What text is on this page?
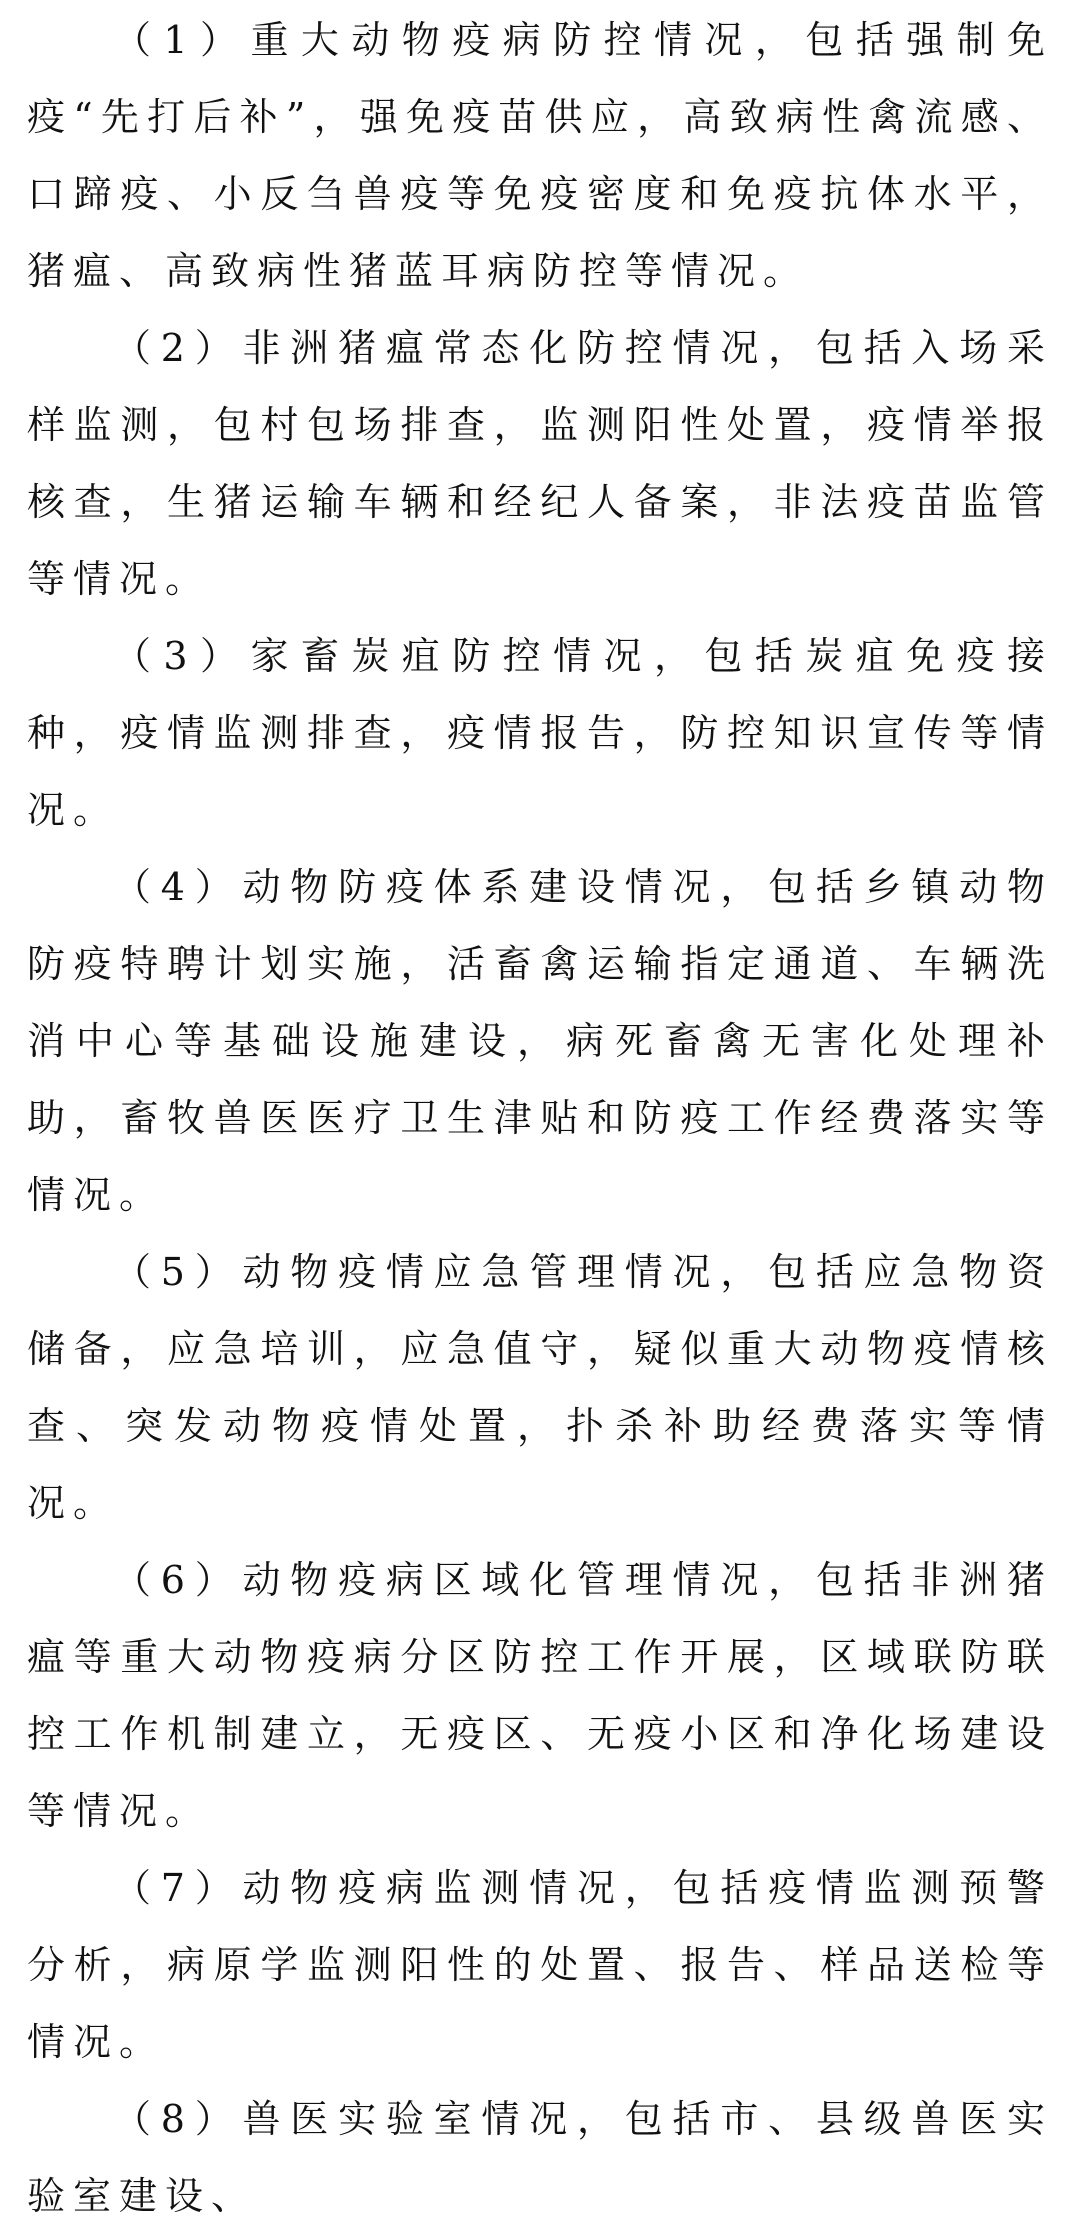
（1）重大动物疫病防控情况，包括强制免疫“先打后补”，强免疫苗供应，高致病性禽流感、口蹄疫、小反刍兽疫等免疫密度和免疫抗体水平，猪瘟、高致病性猪蓝耳病防控等情况。

（2）非洲猪瘟常态化防控情况，包括入场采样监测，包村包场排查，监测阳性处置，疫情举报核查，生猪运输车辆和经纪人备案，非法疫苗监管等情况。

（3）家畜炭疽防控情况，包括炭疽免疫接种，疫情监测排查，疫情报告，防控知识宣传等情况。

（4）动物防疫体系建设情况，包括乡镇动物防疫特聘计划实施，活畜禽运输指定通道、车辆洗消中心等基础设施建设，病死畜禽无害化处理补助，畜牧兽医医疗卫生津贴和防疫工作经费落实等情况。

（5）动物疫情应急管理情况，包括应急物资储备，应急培训，应急值守，疑似重大动物疫情核查、突发动物疫情处置，扑杀补助经费落实等情况。

（6）动物疫病区域化管理情况，包括非洲猪瘟等重大动物疫病分区防控工作开展，区域联防联控工作机制建立，无疫区、无疫小区和净化场建设等情况。

（7）动物疫病监测情况，包括疫情监测预警分析，病原学监测阳性的处置、报告、样品送检等情况。

（8）兽医实验室情况，包括市、县级兽医实验室建设、
